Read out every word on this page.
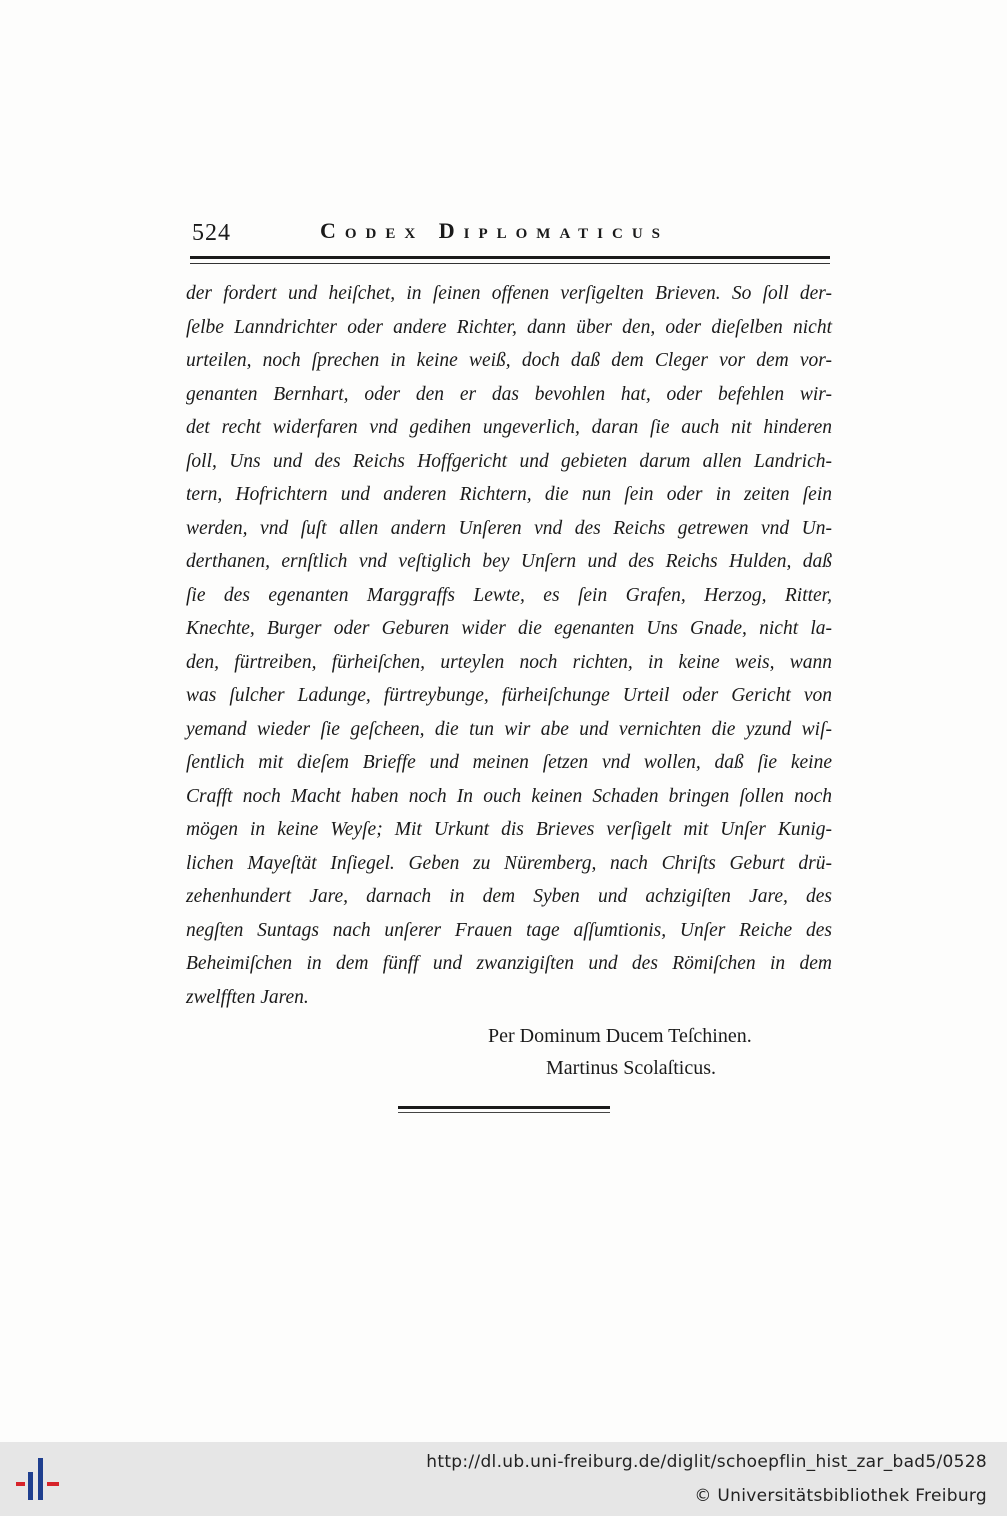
524	Codex Diplomaticus
der fordert und heiſchet, in ſeinen offenen verſigelten Brieven. So ſoll der-
ſelbe Lanndrichter oder andere Richter, dann über den, oder dieſelben nicht
urteilen, noch ſprechen in keine weiß, doch daß dem Cleger vor dem vor-
genanten Bernhart, oder den er das bevohlen hat, oder befehlen wir-
det recht widerfaren vnd gedihen ungeverlich, daran ſie auch nit hinderen
ſoll, Uns und des Reichs Hoffgericht und gebieten darum allen Landrich-
tern, Hofrichtern und anderen Richtern, die nun ſein oder in zeiten ſein
werden, vnd ſuſt allen andern Unſeren vnd des Reichs getrewen vnd Un-
derthanen, ernſtlich vnd veſtiglich bey Unſern und des Reichs Hulden, daß
ſie des egenanten Marggraffs Lewte, es ſein Grafen, Herzog, Ritter,
Knechte, Burger oder Geburen wider die egenanten Uns Gnade, nicht la-
den, fürtreiben, fürheiſchen, urteylen noch richten, in keine weis, wann
was ſulcher Ladunge, fürtreybunge, fürheiſchunge Urteil oder Gericht von
yemand wieder ſie geſcheen, die tun wir abe und vernichten die yzund wiſ-
ſentlich mit dieſem Brieffe und meinen ſetzen vnd wollen, daß ſie keine
Crafft noch Macht haben noch In ouch keinen Schaden bringen ſollen noch
mögen in keine Weyſe; Mit Urkunt dis Brieves verſigelt mit Unſer Kunig-
lichen Mayeſtät Inſiegel. Geben zu Nüremberg, nach Chriſts Geburt drü-
zehenhundert Jare, darnach in dem Syben und achzigiſten Jare, des
negſten Suntags nach unſerer Frauen tage aſſumtionis, Unſer Reiche des
Beheimiſchen in dem fünff und zwanzigiſten und des Römiſchen in dem
zwelfften Jaren.
Per Dominum Ducem Teſchinen.
Martinus Scolaſticus.
http://dl.ub.uni-freiburg.de/diglit/schoepflin_hist_zar_bad5/0528
© Universitätsbibliothek Freiburg
